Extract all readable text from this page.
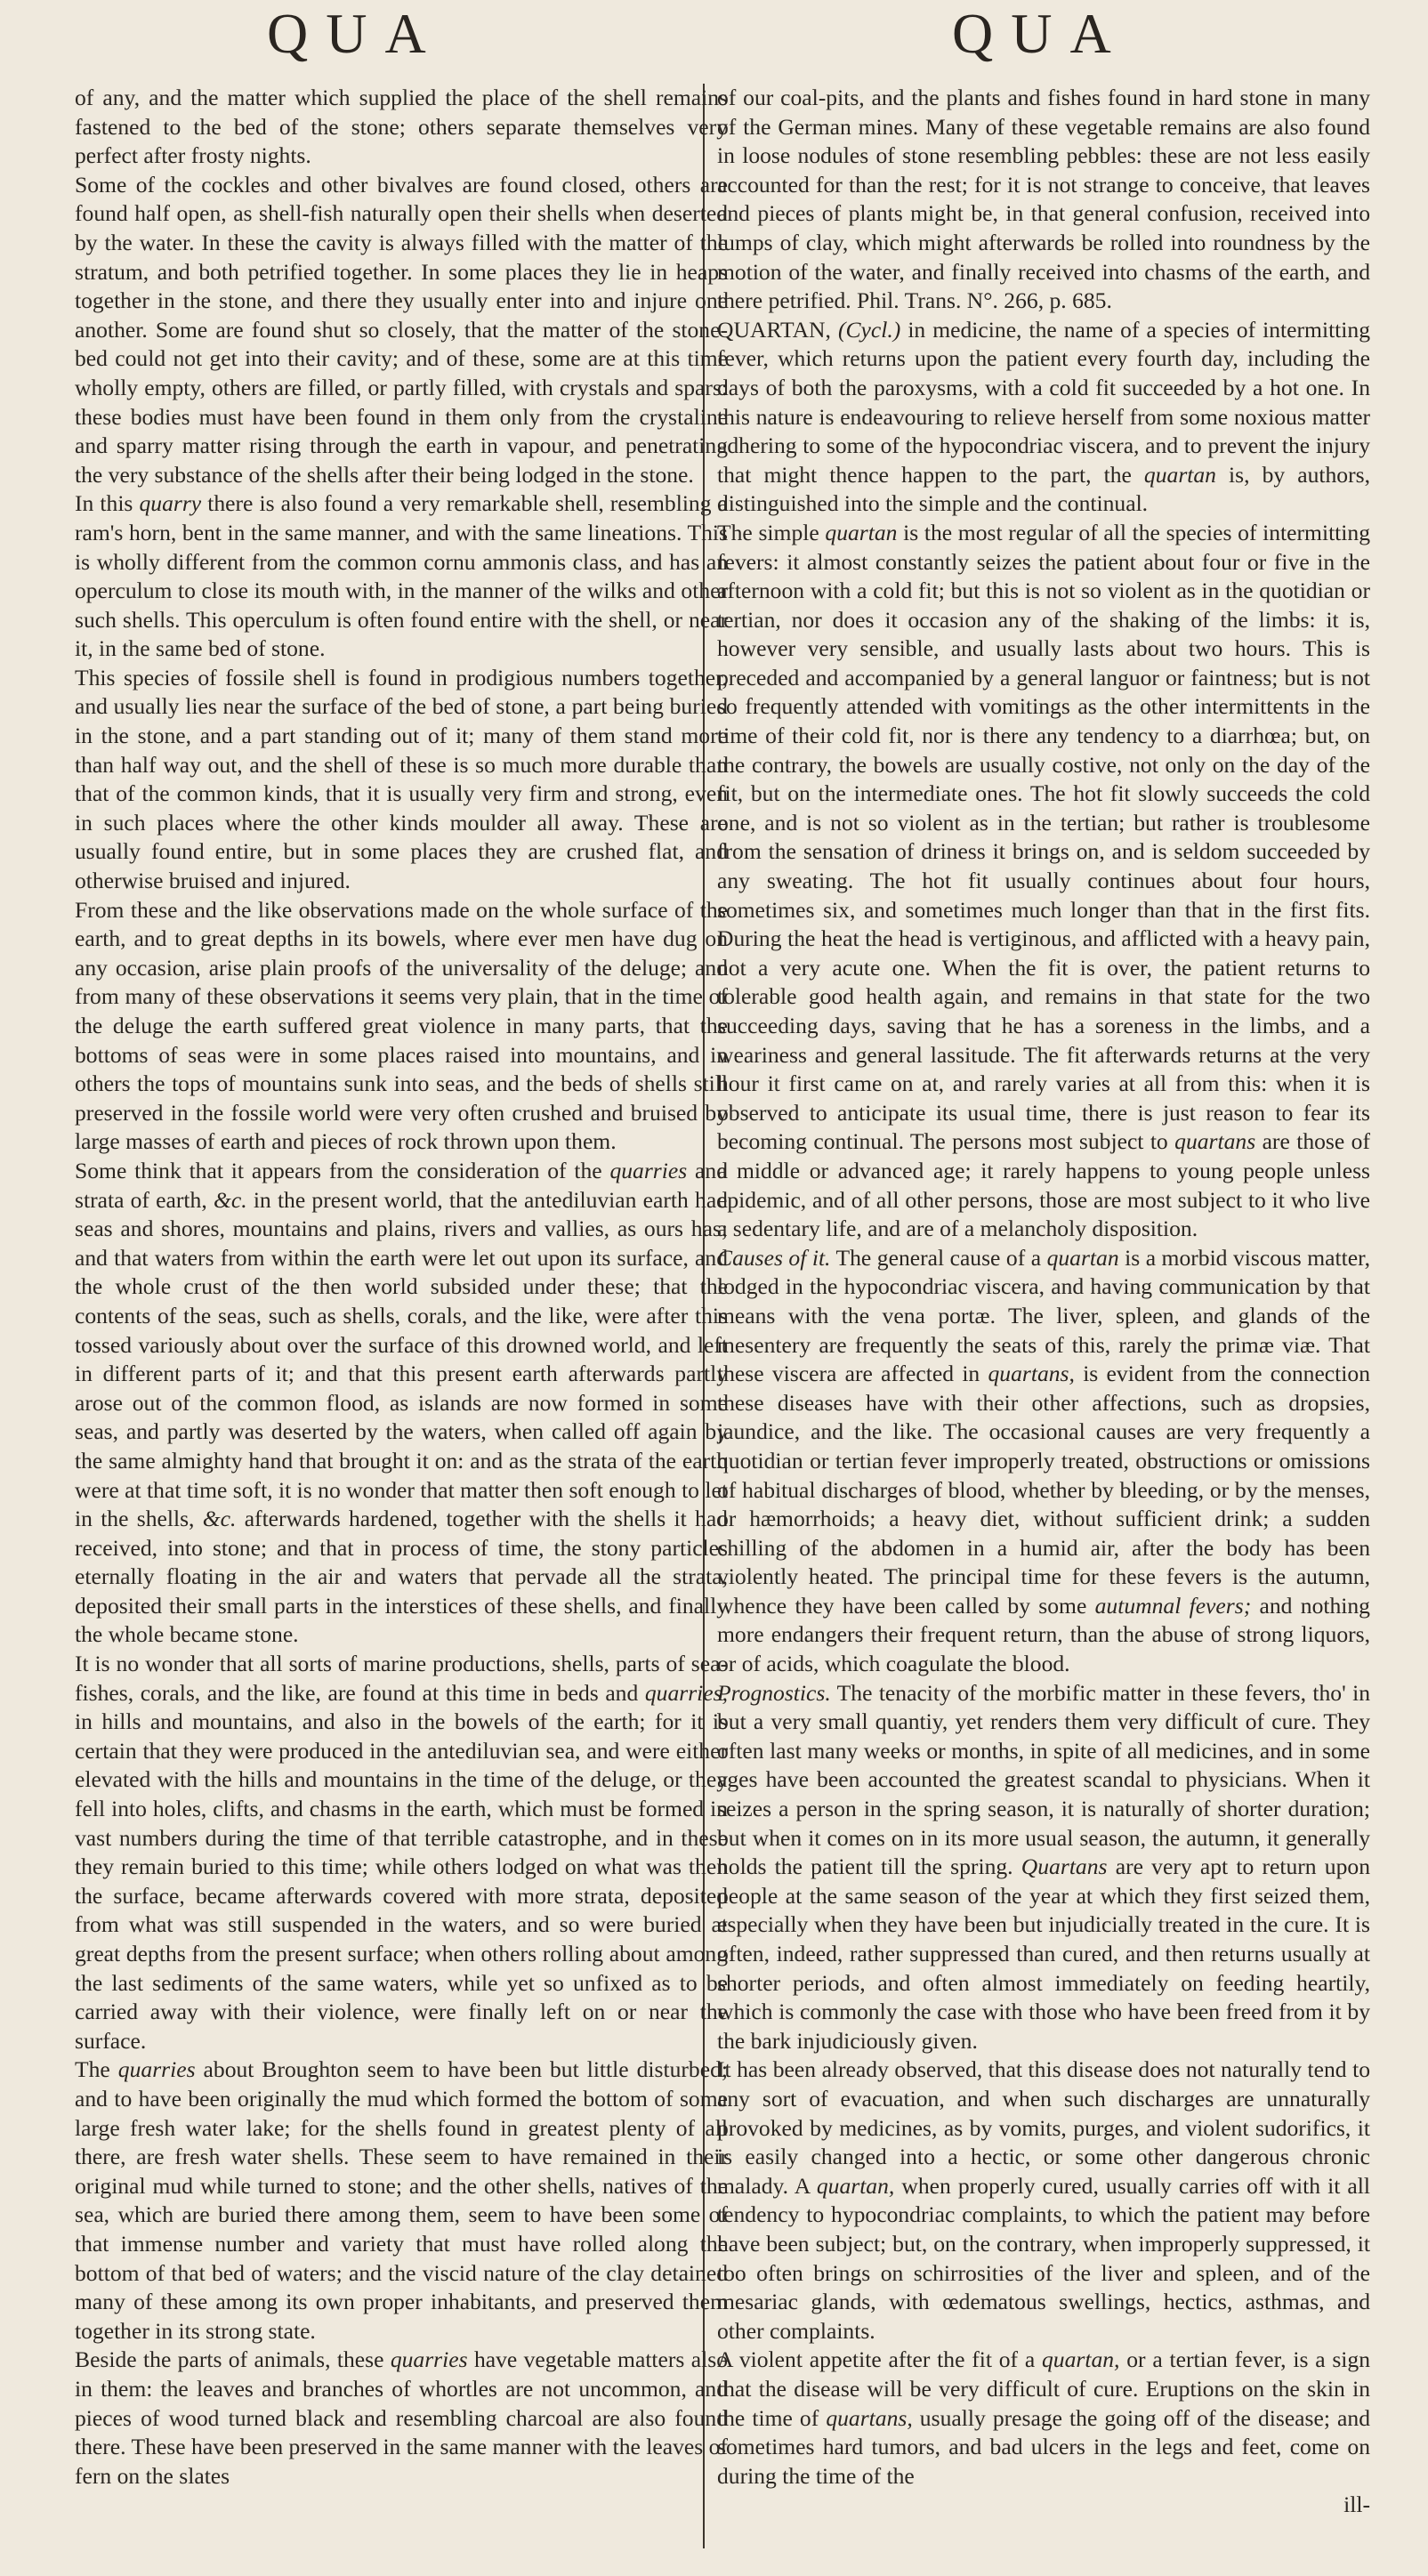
QUA	QUA

of any, and the matter which supplied the place of the shell remains fastened to the bed of the stone; others separate themselves very perfect after frosty nights.

Some of the cockles and other bivalves are found closed, others are found half open, as shell-fish naturally open their shells when deserted by the water. In these the cavity is always filled with the matter of the stratum, and both petrified together. In some places they lie in heaps together in the stone, and there they usually enter into and injure one another. Some are found shut so closely, that the matter of the stone-bed could not get into their cavity; and of these, some are at this time wholly empty, others are filled, or partly filled, with crystals and spars: these bodies must have been found in them only from the crystaline and sparry matter rising through the earth in vapour, and penetrating the very substance of the shells after their being lodged in the stone.

In this quarry there is also found a very remarkable shell, resembling a ram's horn, bent in the same manner, and with the same lineations. This is wholly different from the common cornu ammonis class, and has an operculum to close its mouth with, in the manner of the wilks and other such shells. This operculum is often found entire with the shell, or near it, in the same bed of stone.

This species of fossile shell is found in prodigious numbers together, and usually lies near the surface of the bed of stone, a part being buried in the stone, and a part standing out of it; many of them stand more than half way out, and the shell of these is so much more durable than that of the common kinds, that it is usually very firm and strong, even in such places where the other kinds moulder all away. These are usually found entire, but in some places they are crushed flat, and otherwise bruised and injured.

From these and the like observations made on the whole surface of the earth, and to great depths in its bowels, where ever men have dug on any occasion, arise plain proofs of the universality of the deluge; and from many of these observations it seems very plain, that in the time of the deluge the earth suffered great violence in many parts, that the bottoms of seas were in some places raised into mountains, and in others the tops of mountains sunk into seas, and the beds of shells still preserved in the fossile world were very often crushed and bruised by large masses of earth and pieces of rock thrown upon them.

Some think that it appears from the consideration of the quarries and strata of earth, &c. in the present world, that the antediluvian earth had seas and shores, mountains and plains, rivers and vallies, as ours has; and that waters from within the earth were let out upon its surface, and the whole crust of the then world subsided under these; that the contents of the seas, such as shells, corals, and the like, were after this tossed variously about over the surface of this drowned world, and left in different parts of it; and that this present earth afterwards partly arose out of the common flood, as islands are now formed in some seas, and partly was deserted by the waters, when called off again by the same almighty hand that brought it on: and as the strata of the earth were at that time soft, it is no wonder that matter then soft enough to let in the shells, &c. afterwards hardened, together with the shells it had received, into stone; and that in process of time, the stony particles eternally floating in the air and waters that pervade all the strata, deposited their small parts in the interstices of these shells, and finally the whole became stone.

It is no wonder that all sorts of marine productions, shells, parts of sea-fishes, corals, and the like, are found at this time in beds and quarries, in hills and mountains, and also in the bowels of the earth; for it is certain that they were produced in the antediluvian sea, and were either elevated with the hills and mountains in the time of the deluge, or they fell into holes, clifts, and chasms in the earth, which must be formed in vast numbers during the time of that terrible catastrophe, and in these they remain buried to this time; while others lodged on what was then the surface, became afterwards covered with more strata, deposited from what was still suspended in the waters, and so were buried at great depths from the present surface; when others rolling about among the last sediments of the same waters, while yet so unfixed as to be carried away with their violence, were finally left on or near the surface.

The quarries about Broughton seem to have been but little disturbed; and to have been originally the mud which formed the bottom of some large fresh water lake; for the shells found in greatest plenty of all there, are fresh water shells. These seem to have remained in their original mud while turned to stone; and the other shells, natives of the sea, which are buried there among them, seem to have been some of that immense number and variety that must have rolled along the bottom of that bed of waters; and the viscid nature of the clay detained many of these among its own proper inhabitants, and preserved them together in its strong state.

Beside the parts of animals, these quarries have vegetable matters also in them: the leaves and branches of whortles are not uncommon, and pieces of wood turned black and resembling charcoal are also found there. These have been preserved in the same manner with the leaves of fern on the slates

of our coal-pits, and the plants and fishes found in hard stone in many of the German mines. Many of these vegetable remains are also found in loose nodules of stone resembling pebbles: these are not less easily accounted for than the rest; for it is not strange to conceive, that leaves and pieces of plants might be, in that general confusion, received into lumps of clay, which might afterwards be rolled into roundness by the motion of the water, and finally received into chasms of the earth, and there petrified. Phil. Trans. N°. 266, p. 685.

QUARTAN, (Cycl.) in medicine, the name of a species of intermitting fever, which returns upon the patient every fourth day, including the days of both the paroxysms, with a cold fit succeeded by a hot one. In this nature is endeavouring to relieve herself from some noxious matter adhering to some of the hypocondriac viscera, and to prevent the injury that might thence happen to the part, the quartan is, by authors, distinguished into the simple and the continual.

The simple quartan is the most regular of all the species of intermitting fevers: it almost constantly seizes the patient about four or five in the afternoon with a cold fit; but this is not so violent as in the quotidian or tertian, nor does it occasion any of the shaking of the limbs: it is, however very sensible, and usually lasts about two hours. This is preceded and accompanied by a general languor or faintness; but is not so frequently attended with vomitings as the other intermittents in the time of their cold fit, nor is there any tendency to a diarrhœa; but, on the contrary, the bowels are usually costive, not only on the day of the fit, but on the intermediate ones. The hot fit slowly succeeds the cold one, and is not so violent as in the tertian; but rather is troublesome from the sensation of driness it brings on, and is seldom succeeded by any sweating. The hot fit usually continues about four hours, sometimes six, and sometimes much longer than that in the first fits. During the heat the head is vertiginous, and afflicted with a heavy pain, not a very acute one. When the fit is over, the patient returns to tolerable good health again, and remains in that state for the two succeeding days, saving that he has a soreness in the limbs, and a weariness and general lassitude. The fit afterwards returns at the very hour it first came on at, and rarely varies at all from this: when it is observed to anticipate its usual time, there is just reason to fear its becoming continual. The persons most subject to quartans are those of a middle or advanced age; it rarely happens to young people unless epidemic, and of all other persons, those are most subject to it who live a sedentary life, and are of a melancholy disposition.

Causes of it. The general cause of a quartan is a morbid viscous matter, lodged in the hypocondriac viscera, and having communication by that means with the vena portæ. The liver, spleen, and glands of the mesentery are frequently the seats of this, rarely the primæ viæ. That these viscera are affected in quartans, is evident from the connection these diseases have with their other affections, such as dropsies, jaundice, and the like. The occasional causes are very frequently a quotidian or tertian fever improperly treated, obstructions or omissions of habitual discharges of blood, whether by bleeding, or by the menses, or hæmorrhoids; a heavy diet, without sufficient drink; a sudden chilling of the abdomen in a humid air, after the body has been violently heated. The principal time for these fevers is the autumn, whence they have been called by some autumnal fevers; and nothing more endangers their frequent return, than the abuse of strong liquors, or of acids, which coagulate the blood.

Prognostics. The tenacity of the morbific matter in these fevers, tho' in but a very small quantiy, yet renders them very difficult of cure. They often last many weeks or months, in spite of all medicines, and in some ages have been accounted the greatest scandal to physicians. When it seizes a person in the spring season, it is naturally of shorter duration; but when it comes on in its more usual season, the autumn, it generally holds the patient till the spring. Quartans are very apt to return upon people at the same season of the year at which they first seized them, especially when they have been but injudicially treated in the cure. It is often, indeed, rather suppressed than cured, and then returns usually at shorter periods, and often almost immediately on feeding heartily, which is commonly the case with those who have been freed from it by the bark injudiciously given.

It has been already observed, that this disease does not naturally tend to any sort of evacuation, and when such discharges are unnaturally provoked by medicines, as by vomits, purges, and violent sudorifics, it is easily changed into a hectic, or some other dangerous chronic malady. A quartan, when properly cured, usually carries off with it all tendency to hypocondriac complaints, to which the patient may before have been subject; but, on the contrary, when improperly suppressed, it too often brings on schirrosities of the liver and spleen, and of the mesariac glands, with œdematous swellings, hectics, asthmas, and other complaints.

A violent appetite after the fit of a quartan, or a tertian fever, is a sign that the disease will be very difficult of cure. Eruptions on the skin in the time of quartans, usually presage the going off of the disease; and sometimes hard tumors, and bad ulcers in the legs and feet, come on during the time of the

ill-
